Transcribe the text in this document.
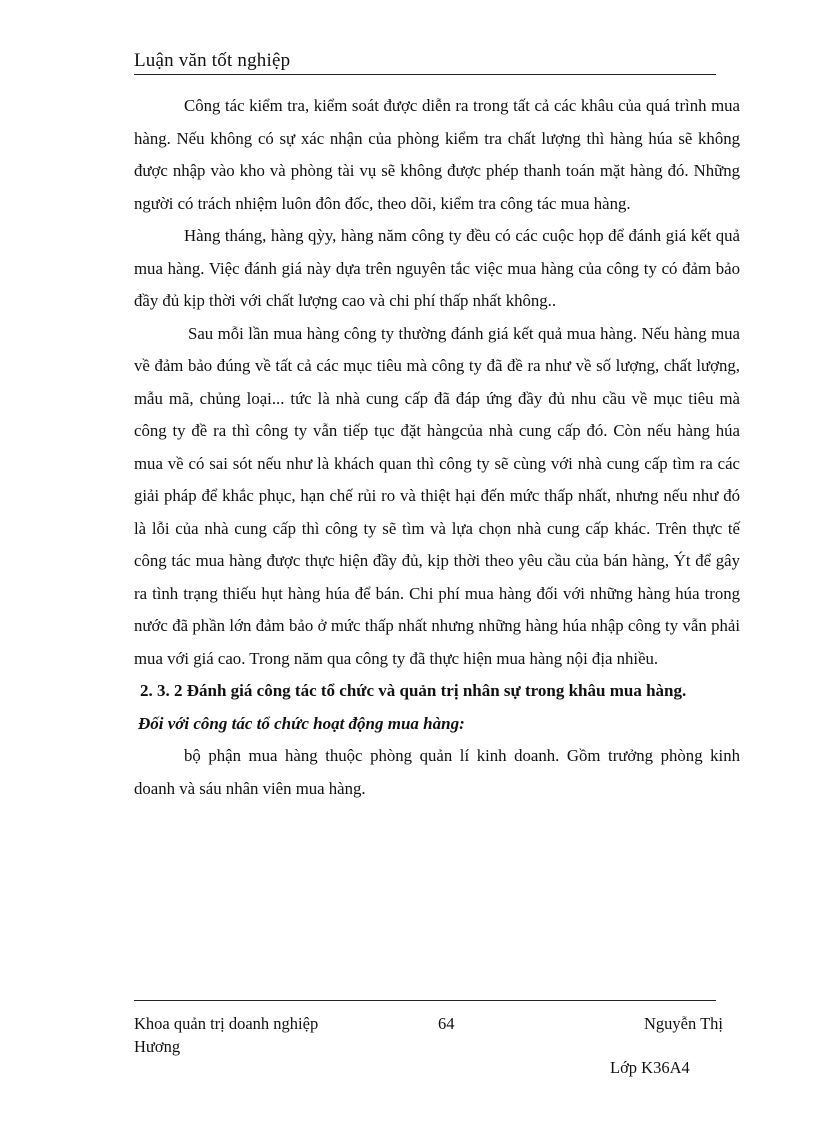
Luận văn tốt nghiệp

Công tác kiểm tra, kiểm soát được diễn ra trong tất cả các khâu của quá trình mua hàng. Nếu không có sự xác nhận của phòng kiểm tra chất lượng thì hàng húa sẽ không được nhập vào kho và phòng tài vụ sẽ không được phép thanh toán mặt hàng đó. Những người có trách nhiệm luôn đôn đốc, theo dõi, kiểm tra công tác mua hàng.

Hàng tháng, hàng qỳy, hàng năm công ty đều có các cuộc họp để đánh giá kết quả mua hàng. Việc đánh giá này dựa trên nguyên tắc việc mua hàng của công ty có đảm bảo đầy đủ kịp thời với chất lượng cao và chi phí thấp nhất không..

Sau mỗi lần mua hàng công ty thường đánh giá kết quả mua hàng. Nếu hàng mua về đảm bảo đúng về tất cả các mục tiêu mà công ty đã đề ra như về số lượng, chất lượng, mẫu mã, chủng loại... tức là nhà cung cấp đã đáp ứng đầy đủ nhu cầu về mục tiêu mà công ty đề ra thì công ty vẫn tiếp tục đặt hàngcủa nhà cung cấp đó. Còn nếu hàng húa mua về có sai sót nếu như là khách quan thì công ty sẽ cùng với nhà cung cấp tìm ra các giải pháp để khắc phục, hạn chế rủi ro và thiệt hại đến mức thấp nhất, nhưng nếu như đó là lỗi của nhà cung cấp thì công ty sẽ tìm và lựa chọn nhà cung cấp khác. Trên thực tế công tác mua hàng được thực hiện đầy đủ, kịp thời theo yêu cầu của bán hàng, Ýt để gây ra tình trạng thiếu hụt hàng húa để bán. Chi phí mua hàng đối với những hàng húa trong nước đã phần lớn đảm bảo ở mức thấp nhất nhưng những hàng húa nhập công ty vẫn phải mua với giá cao. Trong năm qua công ty đã thực hiện mua hàng nội địa nhiều.

2. 3. 2 Đánh giá công tác tổ chức và quản trị nhân sự trong khâu mua hàng.

Đối với công tác tổ chức hoạt động mua hàng:

bộ phận mua hàng thuộc phòng quản lí kinh doanh. Gồm trưởng phòng kinh doanh và sáu nhân viên mua hàng.

Khoa quản trị doanh nghiệp
Hương
64	Nguyễn Thị
Lớp K36A4
